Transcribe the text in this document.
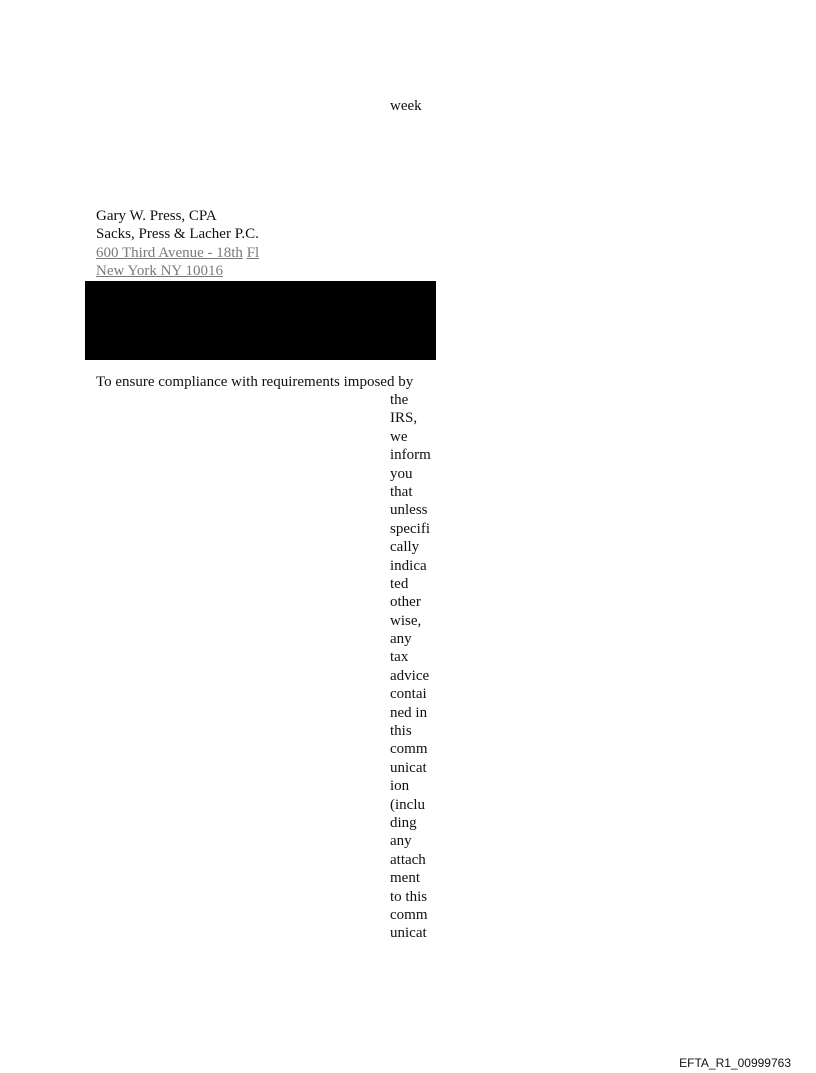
week
Gary W. Press, CPA
Sacks, Press & Lacher P.C.
600 Third Avenue - 18th Fl
New York NY 10016
To ensure compliance with requirements imposed by
the
IRS,
we
inform
you
that
unless
specifi
cally
indica
ted
other
wise,
any
tax
advice
contai
ned in
this
comm
unicat
ion
(inclu
ding
any
attach
ment
to this
comm
unicat
EFTA_R1_00999763
